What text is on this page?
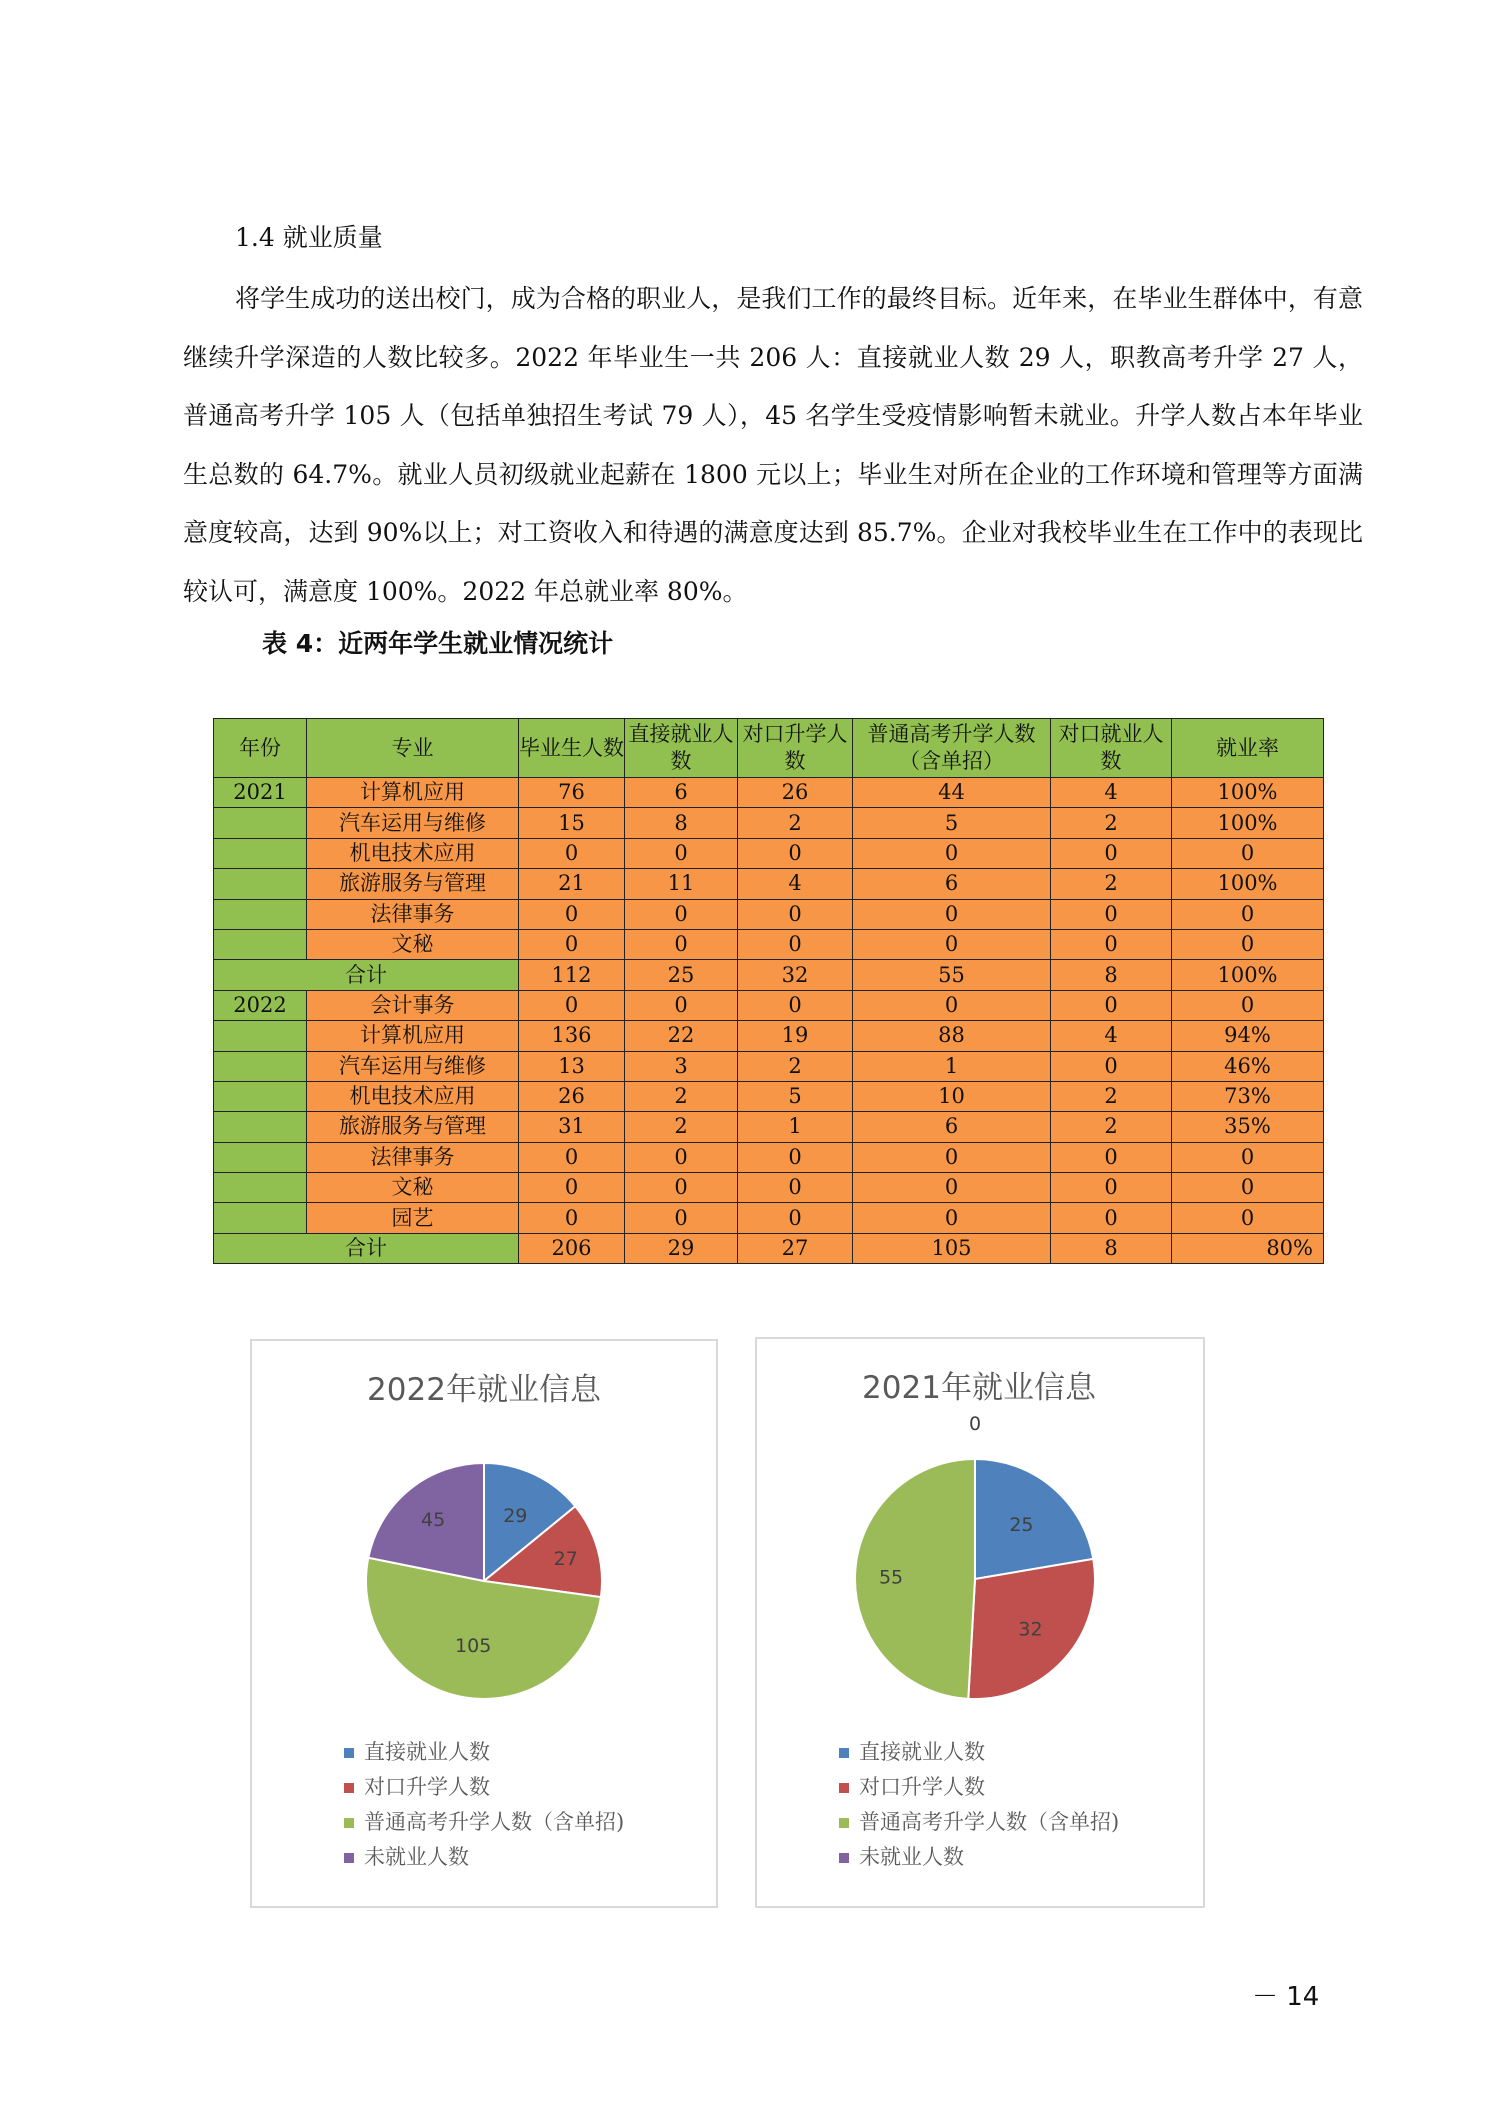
1.4 就业质量

将学生成功的送出校门，成为合格的职业人，是我们工作的最终目标。近年来，在毕业生群体中，有意继续升学深造的人数比较多。2022 年毕业生一共 206 人：直接就业人数 29 人，职教高考升学 27 人，普通高考升学 105 人（包括单独招生考试 79 人），45 名学生受疫情影响暂未就业。升学人数占本年毕业生总数的 64.7%。就业人员初级就业起薪在 1800 元以上；毕业生对所在企业的工作环境和管理等方面满意度较高，达到 90%以上；对工资收入和待遇的满意度达到 85.7%。企业对我校毕业生在工作中的表现比较认可，满意度 100%。2022 年总就业率 80%。

表 4：近两年学生就业情况统计
年份	专业	毕业生人数	直接就业人数	对口升学人数	普通高考升学人数（含单招）	对口就业人数	就业率
2021	计算机应用	76	6	26	44	4	100%
	汽车运用与维修	15	8	2	5	2	100%
	机电技术应用	0	0	0	0	0	0
	旅游服务与管理	21	11	4	6	2	100%
	法律事务	0	0	0	0	0	0
	文秘	0	0	0	0	0	0
合计		112	25	32	55	8	100%
2022	会计事务	0	0	0	0	0	0
	计算机应用	136	22	19	88	4	94%
	汽车运用与维修	13	3	2	1	0	46%
	机电技术应用	26	2	5	10	2	73%
	旅游服务与管理	31	2	1	6	2	35%
	法律事务	0	0	0	0	0	0
	文秘	0	0	0	0	0	0
	园艺	0	0	0	0	0	0
合计		206	29	27	105	8	80%
2022年就业信息
29
27
105
45
直接就业人数
对口升学人数
普通高考升学人数（含单招)
未就业人数
2021年就业信息
25
32
55
0
直接就业人数
对口升学人数
普通高考升学人数（含单招)
未就业人数
－ 14
